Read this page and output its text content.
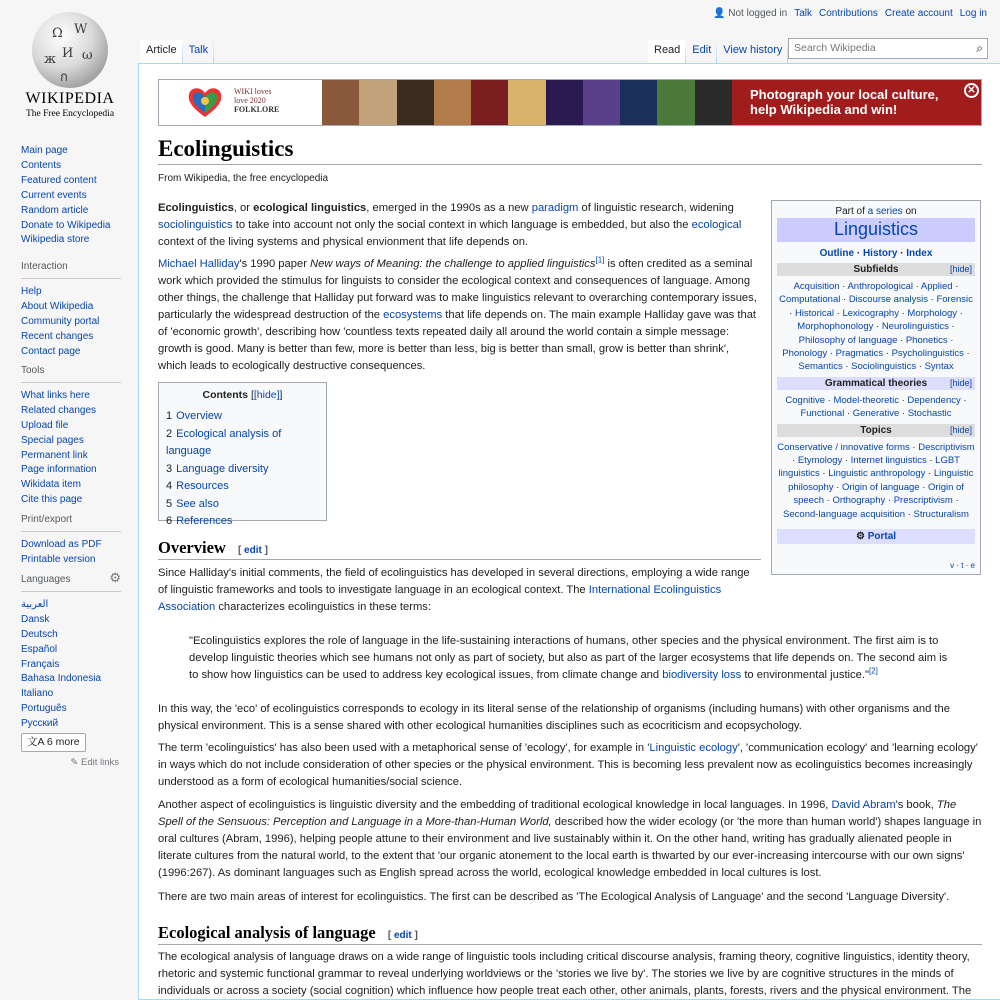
Ω W
И
ж ω
ก
WIKIPEDIA
The Free Encyclopedia
Main page
Contents
Featured content
Current events
Random article
Donate to Wikipedia
Wikipedia store
Interaction
Help
About Wikipedia
Community portal
Recent changes
Contact page
Tools
What links here
Related changes
Upload file
Special pages
Permanent link
Page information
Wikidata item
Cite this page
Print/export
Download as PDF
Printable version
Languages	⚙
العربية
Dansk
Deutsch
Español
Français
Bahasa Indonesia
Italiano
Português
Русский
文A 6 more
✎ Edit links
👤 Not logged in Talk Contributions Create account Log in
Article	Talk	Read	Edit	View history	Search Wikipedia	⌕
WIKI loves
love 2020
FOLKLORE
Photograph your local culture, help Wikipedia and win!
✕
Ecolinguistics
From Wikipedia, the free encyclopedia

Ecolinguistics, or ecological linguistics, emerged in the 1990s as a new paradigm of linguistic research, widening sociolinguistics to take into account not only the social context in which language is embedded, but also the ecological context of the living systems and physical envionment that life depends on.

Michael Halliday's 1990 paper New ways of Meaning: the challenge to applied linguistics[1] is often credited as a seminal work which provided the stimulus for linguists to consider the ecological context and consequences of language. Among other things, the challenge that Halliday put forward was to make linguistics relevant to overarching contemporary issues, particularly the widespread destruction of the ecosystems that life depends on. The main example Halliday gave was that of 'economic growth', describing how 'countless texts repeated daily all around the world contain a simple message: growth is good. Many is better than few, more is better than less, big is better than small, grow is better than shrink', which leads to ecologically destructive consequences.

Part of a series on
Linguistics
Outline · History · Index
Subfields	[hide]
Acquisition · Anthropological · Applied · Computational · Discourse analysis · Forensic · Historical · Lexicography · Morphology · Morphophonology · Neurolinguistics · Philosophy of language · Phonetics · Phonology · Pragmatics · Psycholinguistics · Semantics · Sociolinguistics · Syntax
Grammatical theories	[hide]
Cognitive · Model-theoretic · Dependency · Functional · Generative · Stochastic
Topics	[hide]
Conservative / innovative forms · Descriptivism · Etymology · Internet linguistics · LGBT linguistics · Linguistic anthropology · Linguistic philosophy · Origin of language · Origin of speech · Orthography · Prescriptivism · Second-language acquisition · Structuralism
⚙ Portal
v · t · e
Contents [[hide]]
1 Overview
2 Ecological analysis of language
3 Language diversity
4 Resources
5 See also
6 References
Overview [ edit ]

Since Halliday's initial comments, the field of ecolinguistics has developed in several directions, employing a wide range of linguistic frameworks and tools to investigate language in an ecological context. The International Ecolinguistics Association characterizes ecolinguistics in these terms:

"Ecolinguistics explores the role of language in the life-sustaining interactions of humans, other species and the physical environment. The first aim is to develop linguistic theories which see humans not only as part of society, but also as part of the larger ecosystems that life depends on. The second aim is to show how linguistics can be used to address key ecological issues, from climate change and biodiversity loss to environmental justice."[2]

In this way, the 'eco' of ecolinguistics corresponds to ecology in its literal sense of the relationship of organisms (including humans) with other organisms and the physical environment. This is a sense shared with other ecological humanities disciplines such as ecocriticism and ecopsychology.

The term 'ecolinguistics' has also been used with a metaphorical sense of 'ecology', for example in 'Linguistic ecology', 'communication ecology' and 'learning ecology' in ways which do not include consideration of other species or the physical environment. This is becoming less prevalent now as ecolinguistics becomes increasingly understood as a form of ecological humanities/social science.

Another aspect of ecolinguistics is linguistic diversity and the embedding of traditional ecological knowledge in local languages. In 1996, David Abram's book, The Spell of the Sensuous: Perception and Language in a More-than-Human World, described how the wider ecology (or 'the more than human world') shapes language in oral cultures (Abram, 1996), helping people attune to their environment and live sustainably within it. On the other hand, writing has gradually alienated people in literate cultures from the natural world, to the extent that 'our organic atonement to the local earth is thwarted by our ever-increasing intercourse with our own signs' (1996:267). As dominant languages such as English spread across the world, ecological knowledge embedded in local cultures is lost.

There are two main areas of interest for ecolinguistics. The first can be described as 'The Ecological Analysis of Language' and the second 'Language Diversity'.

Ecological analysis of language [ edit ]

The ecological analysis of language draws on a wide range of linguistic tools including critical discourse analysis, framing theory, cognitive linguistics, identity theory, rhetoric and systemic functional grammar to reveal underlying worldviews or the 'stories we live by'. The stories we live by are cognitive structures in the minds of individuals or across a society (social cognition) which influence how people treat each other, other animals, plants, forests, rivers and the physical environment. The
